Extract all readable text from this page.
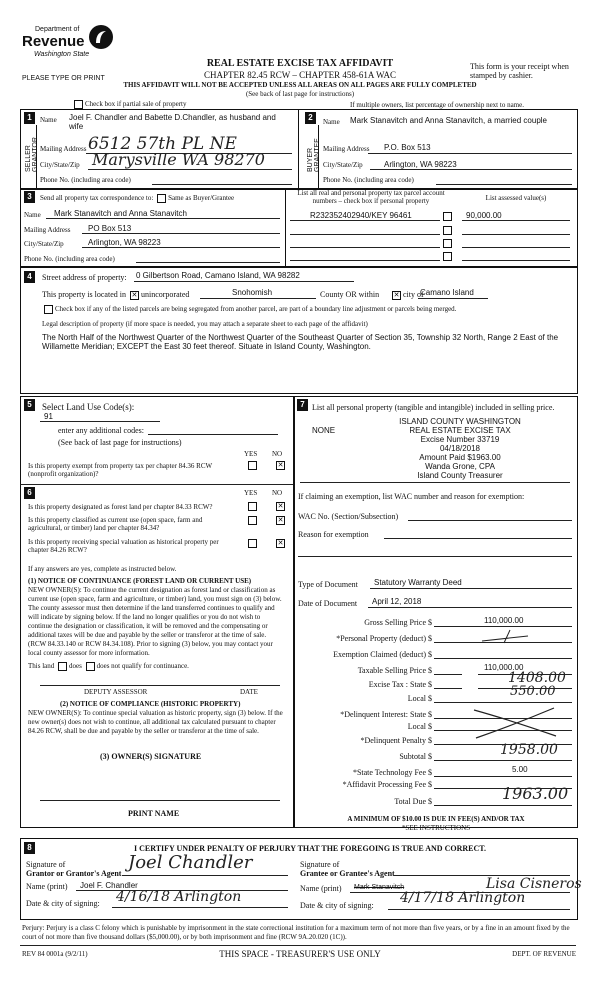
Department of
Revenue
Washington State
PLEASE TYPE OR PRINT
REAL ESTATE EXCISE TAX AFFIDAVIT
CHAPTER 82.45 RCW – CHAPTER 458-61A WAC
THIS AFFIDAVIT WILL NOT BE ACCEPTED UNLESS ALL AREAS ON ALL PAGES ARE FULLY COMPLETED
(See back of last page for instructions)
This form is your receipt when stamped by cashier.
Check box if partial sale of property	If multiple owners, list percentage of ownership next to name.
1
SELLER GRANTOR
Name Joel F. Chandler and Babette D.Chandler, as husband and wife
Mailing Address 6512 57th PL NE
City/State/Zip Marysville WA 98270
Phone No. (including area code)
2
BUYER GRANTEE
Name Mark Stanavitch and Anna Stanavitch, a married couple
Mailing Address P.O. Box 513
City/State/Zip	Arlington, WA 98223
Phone No. (including area code)
3	Send all property tax correspondence to: Same as Buyer/Grantee
Name Mark Stanavitch and Anna Stanavitch
Mailing Address PO Box 513
City/State/Zip	Arlington, WA 98223
Phone No. (including area code)
List all real and personal property tax parcel account numbers – check box if personal property	List assessed value(s)
R232352402940/KEY 96461	90,000.00
4	Street address of property: 0 Gilbertson Road, Camano Island, WA 98282
This property is located in ✕ unincorporated	Snohomish	County OR within	✕ city of
Camano Island
Check box if any of the listed parcels are being segregated from another parcel, are part of a boundary line adjustment or parcels being merged.
Legal description of property (if more space is needed, you may attach a separate sheet to each page of the affidavit)
The North Half of the Northwest Quarter of the Northwest Quarter of the Southeast Quarter of Section 35, Township 32 North, Range 2 East of the Willamette Meridian; EXCEPT the East 30 feet thereof. Situate in Island County, Washington.
5	Select Land Use Code(s):
91
enter any additional codes:
(See back of last page for instructions)
YES NO
Is this property exempt from property tax per chapter 84.36 RCW (nonprofit organization)?
✕
6	YES NO
Is this property designated as forest land per chapter 84.33 RCW?	✕
Is this property classified as current use (open space, farm and agricultural, or timber) land per chapter 84.34?
✕
Is this property receiving special valuation as historical property per chapter 84.26 RCW?
✕
If any answers are yes, complete as instructed below.
(1) NOTICE OF CONTINUANCE (FOREST LAND OR CURRENT USE)
NEW OWNER(S): To continue the current designation as forest land or classification as current use (open space, farm and agriculture, or timber) land, you must sign on (3) below. The county assessor must then determine if the land transferred continues to qualify and will indicate by signing below. If the land no longer qualifies or you do not wish to continue the designation or classification, it will be removed and the compensating or additional taxes will be due and payable by the seller or transferor at the time of sale. (RCW 84.33.140 or RCW 84.34.108). Prior to signing (3) below, you may contact your local county assessor for more information.
This land does does not qualify for continuance.
DEPUTY ASSESSOR	DATE
(2) NOTICE OF COMPLIANCE (HISTORIC PROPERTY)
NEW OWNER(S): To continue special valuation as historic property, sign (3) below. If the new owner(s) does not wish to continue, all additional tax calculated pursuant to chapter 84.26 RCW, shall be due and payable by the seller or transferor at the time of sale.
(3) OWNER(S) SIGNATURE
PRINT NAME
7 List all personal property (tangible and intangible) included in selling price.
NONE
ISLAND COUNTY WASHINGTON
REAL ESTATE EXCISE TAX
Excise Number 33719
04/18/2018
Amount Paid $1963.00
Wanda Grone, CPA
Island County Treasurer
If claiming an exemption, list WAC number and reason for exemption:
WAC No. (Section/Subsection)
Reason for exemption
Type of Document Statutory Warranty Deed
Date of Document April 12, 2018
Gross Selling Price $	110,000.00
*Personal Property (deduct) $
Exemption Claimed (deduct) $
Taxable Selling Price $	110,000.00
Excise Tax : State $	1408.00
Local $	550.00
*Delinquent Interest: State $
Local $
*Delinquent Penalty $
Subtotal $	1958.00
*State Technology Fee $	5.00
*Affidavit Processing Fee $
Total Due $	1963.00
A MINIMUM OF $10.00 IS DUE IN FEE(S) AND/OR TAX
*SEE INSTRUCTIONS
8	I CERTIFY UNDER PENALTY OF PERJURY THAT THE FOREGOING IS TRUE AND CORRECT.
Signature of
Grantor or Grantor's Agent
Joel Chandler
Name (print) Joel F. Chandler
Date & city of signing: 4/16/18 Arlington
Signature of
Grantee or Grantee's Agent
Lisa Cisneros
Name (print) Mark Stanavitch
Date & city of signing: 4/17/18 Arlington
Perjury: Perjury is a class C felony which is punishable by imprisonment in the state correctional institution for a maximum term of not more than five years, or by a fine in an amount fixed by the court of not more than five thousand dollars ($5,000.00), or by both imprisonment and fine (RCW 9A.20.020 (1C)).
REV 84 0001a (9/2/11)	THIS SPACE - TREASURER'S USE ONLY	DEPT. OF REVENUE
